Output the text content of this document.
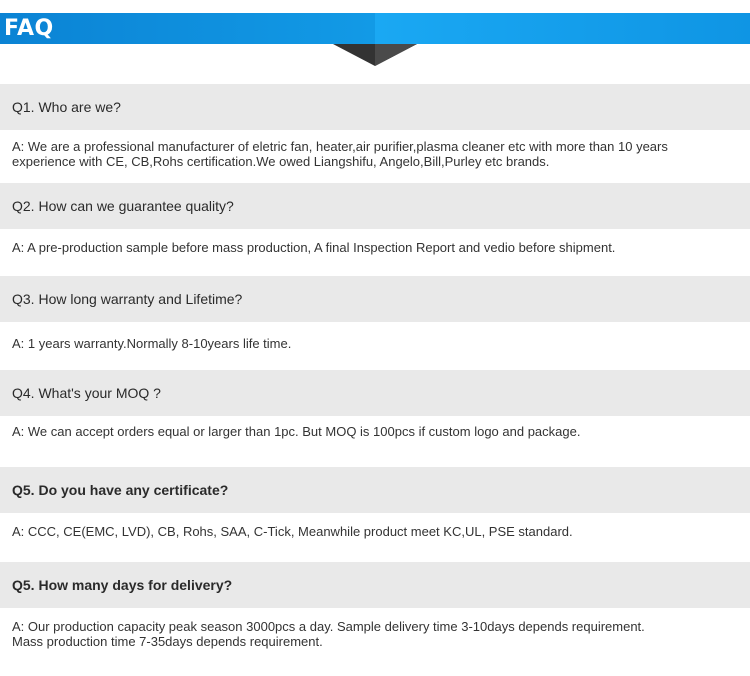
FAQ
Q1. Who are we?
A: We are a professional manufacturer of eletric fan, heater,air purifier,plasma cleaner etc with more than 10 years
experience with CE, CB,Rohs certification.We owed Liangshifu, Angelo,Bill,Purley etc brands.
Q2. How can we guarantee quality?
A: A pre-production sample before mass production, A final Inspection Report and vedio before shipment.
Q3. How long warranty and Lifetime?
A: 1 years warranty.Normally 8-10years life time.
Q4. What's your MOQ ?
A: We can accept orders equal or larger than 1pc. But MOQ is 100pcs if custom logo and package.
Q5. Do you have any certificate?
A: CCC, CE(EMC, LVD), CB, Rohs, SAA, C-Tick, Meanwhile product meet KC,UL, PSE standard.
Q5. How many days for delivery?
A: Our production capacity peak season 3000pcs a day. Sample delivery time 3-10days depends requirement.
Mass production time 7-35days depends requirement.
